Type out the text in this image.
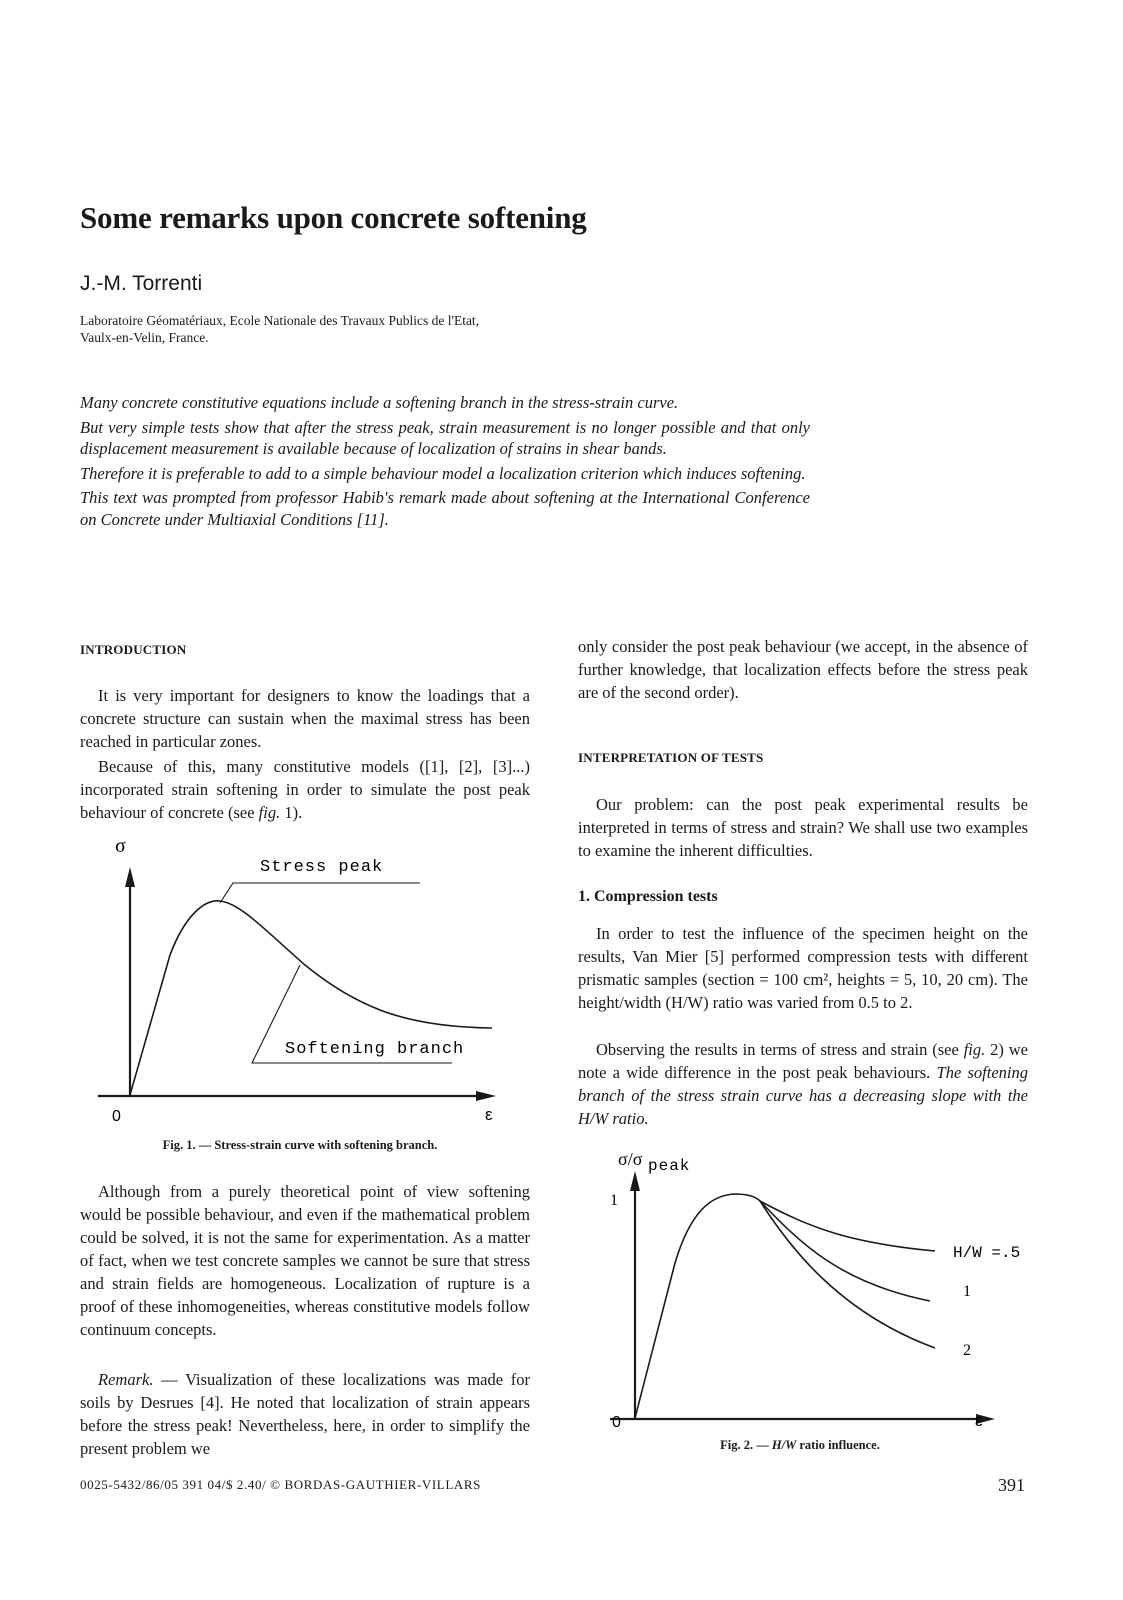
Some remarks upon concrete softening
J.-M. Torrenti
Laboratoire Géomatériaux, Ecole Nationale des Travaux Publics de l'Etat,
Vaulx-en-Velin, France.

Many concrete constitutive equations include a softening branch in the stress-strain curve.

But very simple tests show that after the stress peak, strain measurement is no longer possible and that only displacement measurement is available because of localization of strains in shear bands.

Therefore it is preferable to add to a simple behaviour model a localization criterion which induces softening.

This text was prompted from professor Habib's remark made about softening at the International Conference on Concrete under Multiaxial Conditions [11].

INTRODUCTION

It is very important for designers to know the loadings that a concrete structure can sustain when the maximal stress has been reached in particular zones.

Because of this, many constitutive models ([1], [2], [3]...) incorporated strain softening in order to simulate the post peak behaviour of concrete (see fig. 1).

σ
Stress peak
Softening branch
0	ε
Fig. 1. — Stress-strain curve with softening branch.

Although from a purely theoretical point of view softening would be possible behaviour, and even if the mathematical problem could be solved, it is not the same for experimentation. As a matter of fact, when we test concrete samples we cannot be sure that stress and strain fields are homogeneous. Localization of rupture is a proof of these inhomogeneities, whereas constitutive models follow continuum concepts.

Remark. — Visualization of these localizations was made for soils by Desrues [4]. He noted that localization of strain appears before the stress peak! Nevertheless, here, in order to simplify the present problem we

only consider the post peak behaviour (we accept, in the absence of further knowledge, that localization effects before the stress peak are of the second order).

INTERPRETATION OF TESTS

Our problem: can the post peak experimental results be interpreted in terms of stress and strain? We shall use two examples to examine the inherent difficulties.

1. Compression tests

In order to test the influence of the specimen height on the results, Van Mier [5] performed compression tests with different prismatic samples (section = 100 cm², heights = 5, 10, 20 cm). The height/width (H/W) ratio was varied from 0.5 to 2.

Observing the results in terms of stress and strain (see fig. 2) we note a wide difference in the post peak behaviours. The softening branch of the stress strain curve has a decreasing slope with the H/W ratio.

σ/σ peak
1
0	ε
H/W =.5
1
2
Fig. 2. — H/W ratio influence.
0025-5432/86/05 391 04/$ 2.40/ © BORDAS-GAUTHIER-VILLARS	391
